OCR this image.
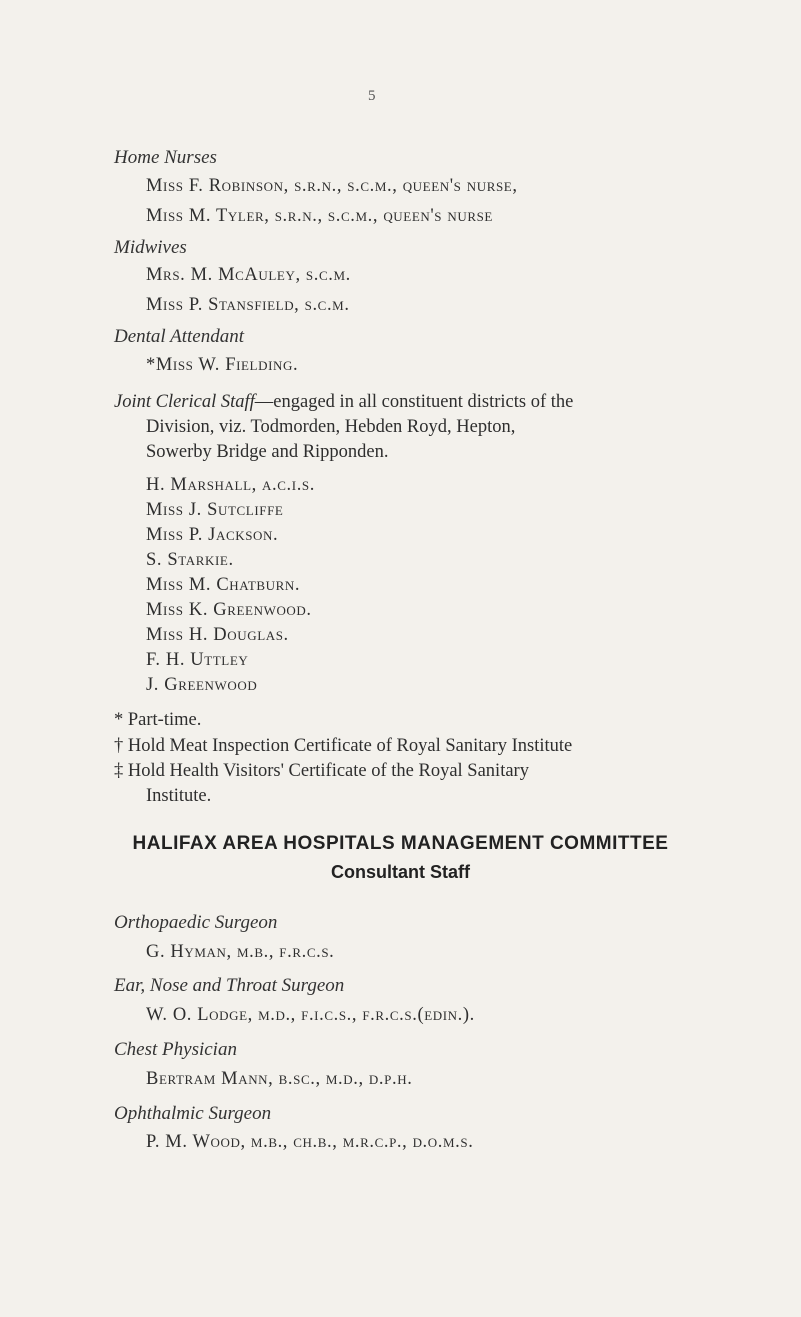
5
Home Nurses
Miss F. Robinson, s.r.n., s.c.m., queen's nurse,
Miss M. Tyler, s.r.n., s.c.m., queen's nurse
Midwives
Mrs. M. McAuley, s.c.m.
Miss P. Stansfield, s.c.m.
Dental Attendant
*Miss W. Fielding.
Joint Clerical Staff—engaged in all constituent districts of the
Division, viz. Todmorden, Hebden Royd, Hepton,
Sowerby Bridge and Ripponden.
H. Marshall, a.c.i.s.
Miss J. Sutcliffe
Miss P. Jackson.
S. Starkie.
Miss M. Chatburn.
Miss K. Greenwood.
Miss H. Douglas.
F. H. Uttley
J. Greenwood
* Part-time.
† Hold Meat Inspection Certificate of Royal Sanitary Institute
‡ Hold Health Visitors' Certificate of the Royal Sanitary
Institute.
HALIFAX AREA HOSPITALS MANAGEMENT COMMITTEE
Consultant Staff
Orthopaedic Surgeon
G. Hyman, m.b., f.r.c.s.
Ear, Nose and Throat Surgeon
W. O. Lodge, m.d., f.i.c.s., f.r.c.s.(edin.).
Chest Physician
Bertram Mann, b.sc., m.d., d.p.h.
Ophthalmic Surgeon
P. M. Wood, m.b., ch.b., m.r.c.p., d.o.m.s.
